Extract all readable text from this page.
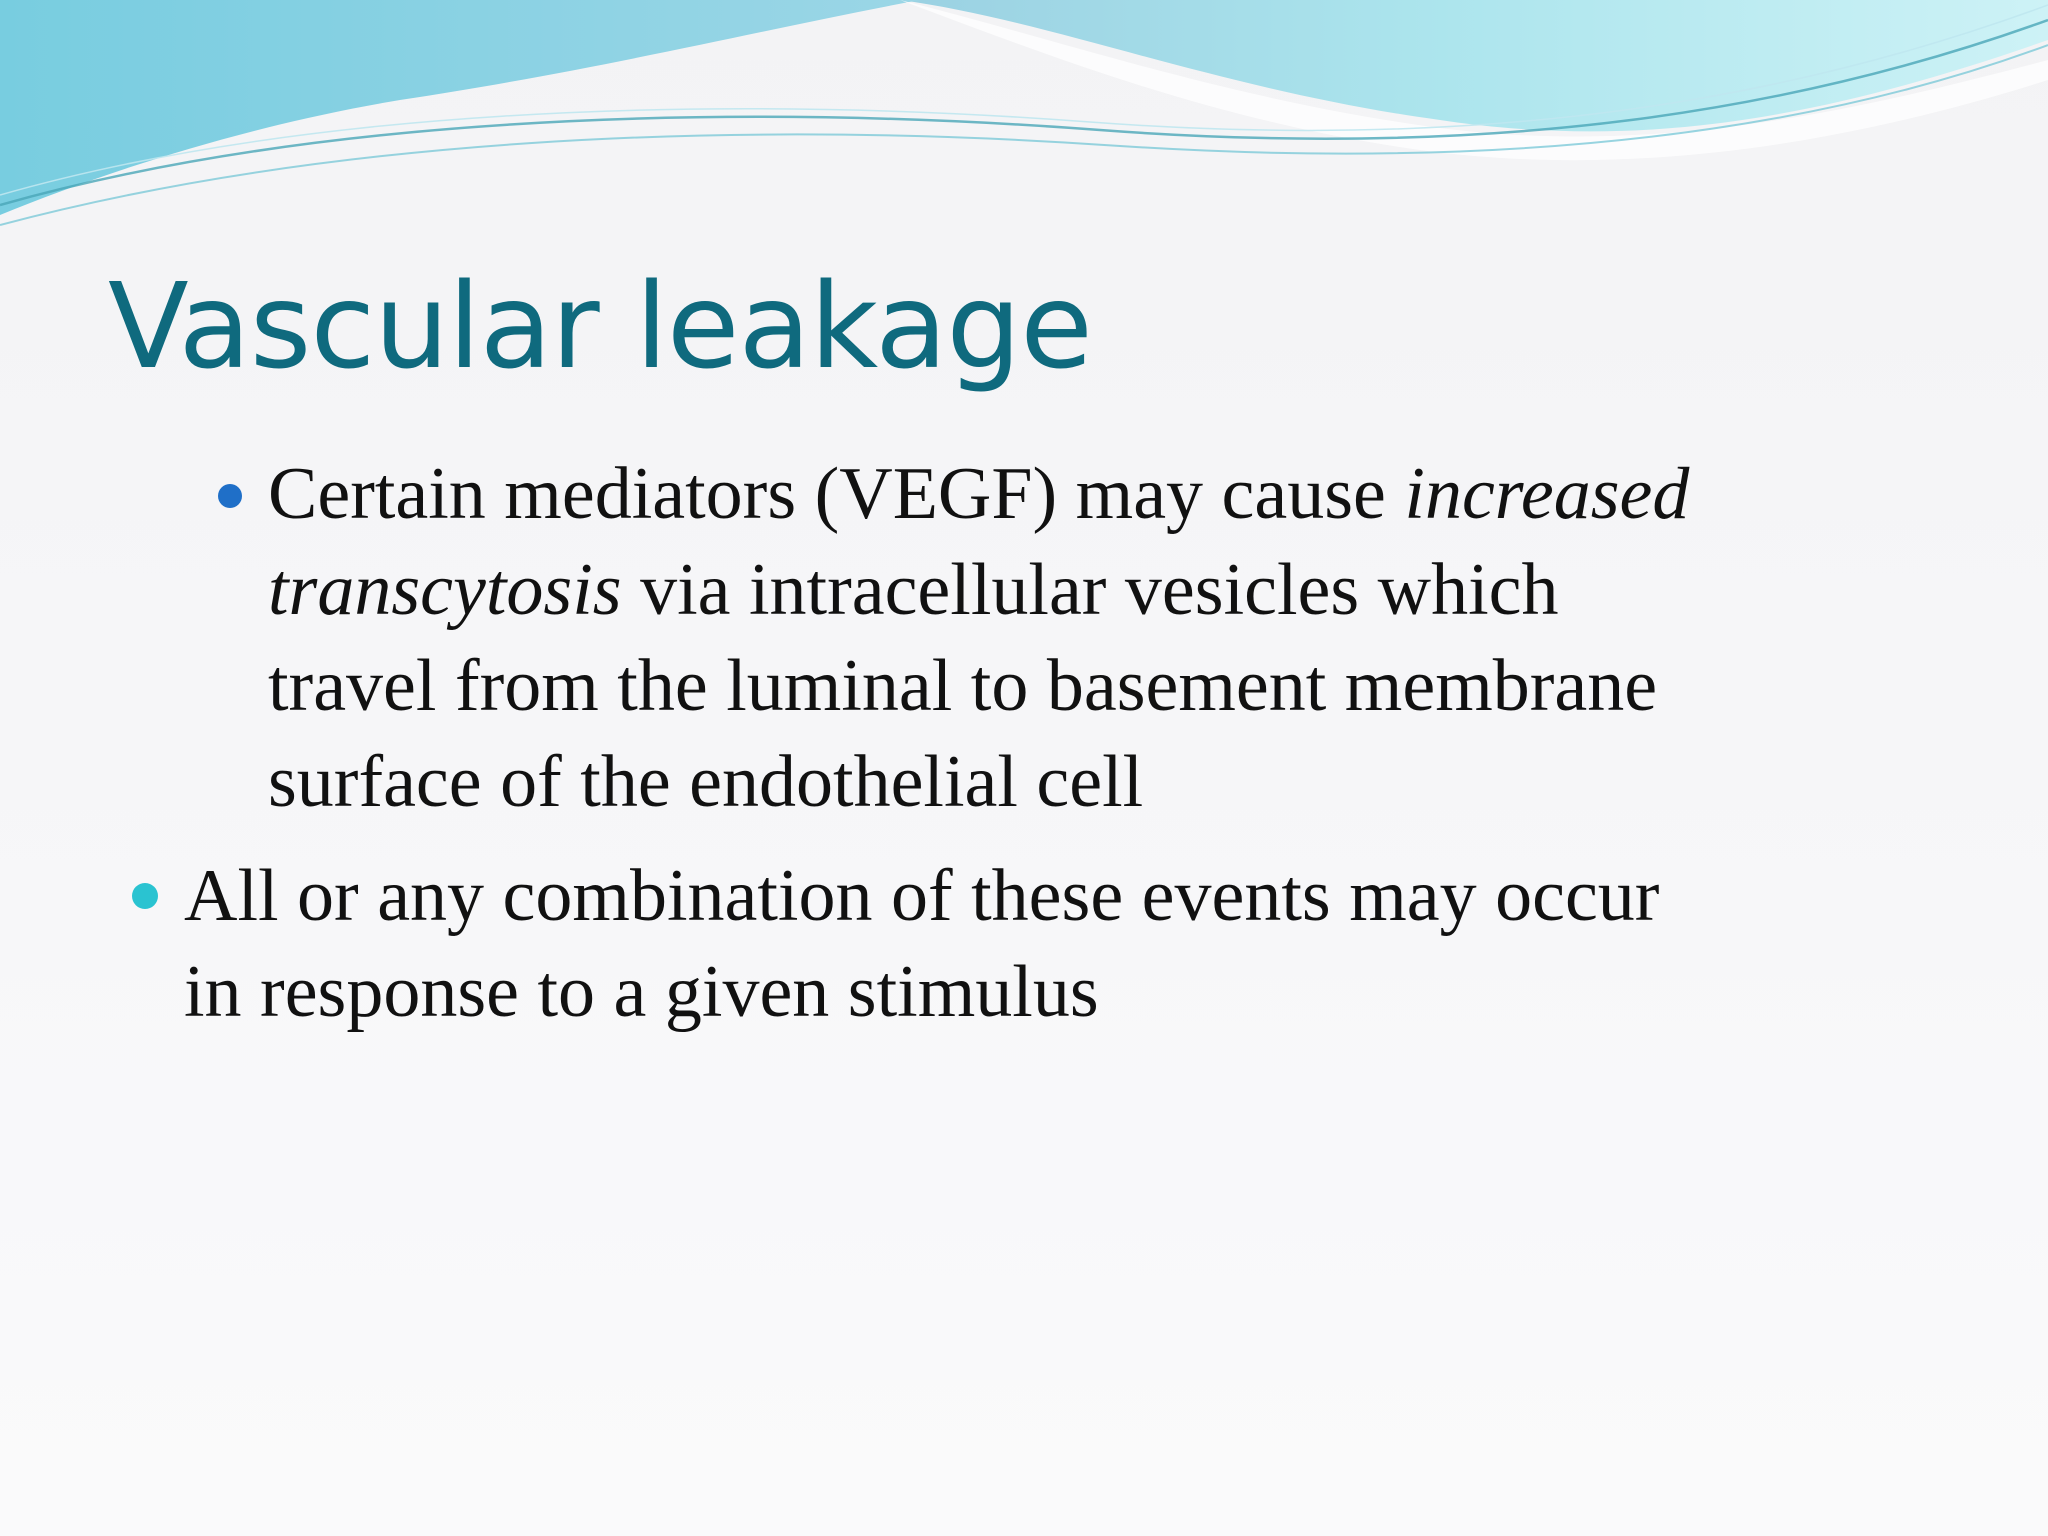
Vascular leakage
Certain mediators (VEGF) may cause increased
transcytosis via intracellular vesicles which
travel from the luminal to basement membrane
surface of the endothelial cell
All or any combination of these events may occur
in response to a given stimulus
